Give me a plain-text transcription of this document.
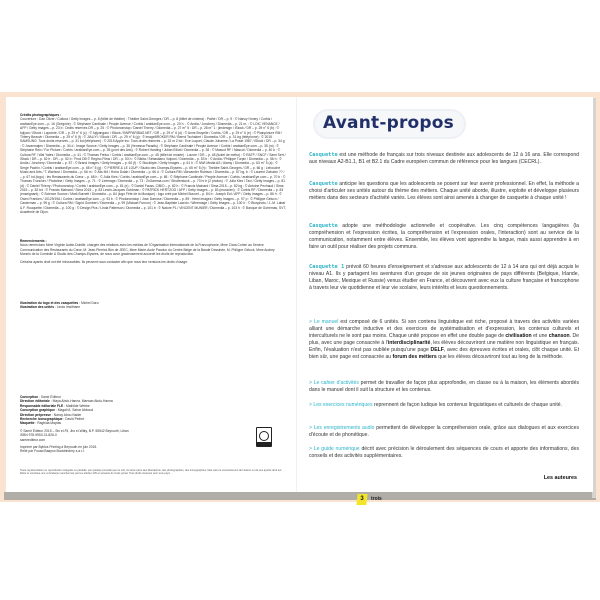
Crédits photographiques :
Couverture : Dan Oliver / Cultura / Getty Images – p. 8 (billet de théâtre) : Théâtre Saint-Georges / DR – p. 8 (billet de cinéma) : Pathé / DR – p. 9 : © Nancy Honey / Corbis / arabianEye.com – p. 16 (Grégoire) : © Stéphane Cardinale / People Avenue / Corbis / arabianEye.com – p. 20 h. : © Andia / Jonchery / Diomedia – p. 21 m. : © LOIC VENANCE / AFP / Getty Images – p. 23 b : Droits réservés DR – p. 25 : © Photononstop / Daniel Thierry / Diomedia – p. 27 m° 5 : DR – p. 28 m° 1 : jimdesign / iStock / DR – p. 29 n° 6 (b) : © fujiyan / iStock / Lapointe / DR – p. 29 n° 6 (c) : © fujiyangaro / iStock / BNPPARIBAS.NET / DR – p. 29 n° 6 (d) : © Anne Bruyelle / Corbis / DR – p. 29 n° 6 (e) : © Plainpicture RM / Thierry Beauvir / Diomedia – p. 29 n° 6 (f) : © JIALIYI / iStock / DR – p. 29 n° 6 (g) : © imageBROKER RM / Bernd Tschakert / Diomedia / DR – p. 31 bg (téléphone) : © 2015 SAMSUNG. Tous droits réservés – p. 31 bd (téléphone) : © 2015 Apple Inc. Tous droits réservés – p. 32 m 2 bd : Eve Luquet, Claude Juhanne / La Poste 1987 / iStock / DR – p. 34 g : © Jovanmajen / Diomedia – p. 34 d : Image Source / Getty Images – p. 35 (Venessa Paradis) : © Stéphane Cardinale / People Avenue / Corbis / arabianEye.com – p. 35 (m) : © Stéphane Reix / For Picture / Corbis / arabianEye.com – p. 35 (pont des Arts) : © Robert Harding / Julian Elliott / Diomedia – p. 38 : © Mascot RF / Mascot / Diomedia – p. 40 b : © Cultura RF / Wal Yates / Diomedia – p. 41 : © Thomas Frelus / Corbis / arabianEye.com – p. 45 (billet de musée) : Louvre / DR – p. 48 (ticket de métro) : © RATP / SNCF / Sami Sert / iStock / DR – p. 52 h : DR – p. 52 b : Prod DB © Regino Films / DR – p. 53 h : © Nikita / Sebastiano Volponi / Diomedia – p. 53 b : © Andia / Philippe Turpin / Diomedia – p. 56 h : © Andia / Jonchery / Diomedia – p. 57 : © Brand Images / Getty Images – p. 60 (f) : © Stockbyte / Getty Images – p. 61 h : © NWI Media AS / Alamy / Diomedia – p. 63 m° 5 (a) : © Serge Pachin / Corbis / arabianEye.com – p. 65 n° 5 (g) : © PIERRE & LE LOUP / Studio des Champs-Elysées – p. 65 m° 5 (h) : Théâtre Saint-Georges / DR – p. 66 g : Lebouché Music and Arts / T. Warhout / Diomedia – p. 66 m : © Alis M4 / Hoha Dolab / Diomedia – p. 66 d : © Cultura RM / Alexander Rubtsov / Diomedia – p. 67 hg, b : © Laurent Zabulon ?? / – p. 67 hd (logo) : les Restaurants du Cœur – p. 68 h : © Julia Kies / Corbis / arabianEye.com – p. 68 : © Stéphane Cardinale / People Avenue / Corbis / arabianEye.com – p. 70 b : © Thomas Truncher / Photoline / Getty Images – p. 71 : © Leemage / Diomedia – p. 73 : ZxGamma.com / Shutterstock – p. 73 hr b (2 photos) : © Julia Kies / Taxi / Getty Images – p. 81 (d) : © Daniel Thierry / Photononstop / Corbis / arabianEye.com – p. 81 (e) : © Daniel Fauss, CIBIO – p. 82 h : © Francis Mainard / Sima 2015 – p. 82 bg : © Antoine Pechaud / Sima 2015 – p. 82 bd : © Francis Mainard / Sima 2015 – p. 83 Lewin-Jacques Goldman : © PATRICK HERTZOG / AFP / Getty Images – p. 83 (musicien) : © Corbis RF / Diomedia – p. 83 (enseignant) : © Science Source / Mark Burnett / Diomedia – p. 84 (logo Fête de la Musique) : logo créé par Michel Bouvet – p. 84 b : Joseph Eid / AFP / Getty Images – p. 86 h : © Owen Franken / 10129/19A / Corbis / arabianEye.com – p. 93 b : © Photononstop / Jose Darrose / Diomedia – p. 89 : Hemi Images / Getty Images – p. 97 p : © Philippe Gelucn / Casterman – p. 99 g : © Cultura RM / Sigrid Gombert / Diomedia – p. 99 (Mickael Furnon) : © Jean-Baptiste Lacroix / Wireimage / Getty Images – p. 100 h : © Biosphoto / J.-M. Labat & F. Rouquette / Diomedia – p. 100 g : © Design Pics / Linda Patterson / Diomedia – p. 101 b : © Nature PL / VINCENT MUNIER / Diomedia – p. 103 h : © Banque de Gohemas, SVT, Académie de Dijon.
Remerciements :
Nous remercions Mme Virginie Aubin-Dubille, chargée des relations avec les médias de l'Organisation internationale de la Francophonie, Mme Clara Cohen au Service Communication des Restaurants du Cœur, M. Jean-Pierrick Bim de JEEC, Mme Marie-Aude Paoduo du Centre Belge de la Bande Dessinée, M. Philippe Geluck, Mme Audrey Monnin de la Comédie & Studio des Champs-Elysées, de nous avoir gracieusement accordé les droits de reproduction.
Certains ayants droit ont été introuvables. Ils peuvent nous contacter afin que nous leur versions les droits d'usage.
Illustration du logo et des casquettes : Michel Daru
Illustration des unités : Linda Imsithane
Conception : Samir Éditeur
Direction éditoriale : Maya Abdo-Hanna, Marwan Abdo-Hanna
Responsable éditoriale FLE : Mathilde Webbe
Conception graphique : Magali A. Sahar Abboud
Direction prépresse : Nancy Abou Nader
Recherche iconographique : David Peifort
Maquette : Raghida Maytas
© Samir Éditeur 2015 – Sin el-Fil, Jisr el-Wâty, B.P. 55542 Beyrouth, Liban
ISBN 978-9953-31-826-0
samirediteur.com
Imprimé par Byblos Printing à Beyrouth en juin 2015.
Relié par Fouad Baayno Bookbindery s.a.r.l.
Toute représentation ou reproduction intégrale ou partielle, par quelque procédé que ce soit, du texte et/ou des illustrations, des photographies, des iconographies, faite sans le consentement de l'auteur ou de ses ayants droit est illicite et constitue une contrefaçon sanctionnée par les articles 425 et suivants du Code pénal. Tous droits réservés pour tous pays.
Avant-propos
Casquette est une méthode de français sur trois niveaux destinée aux adolescents de 12 à 16 ans. Elle correspond aux niveaux A2-B1.1, B1 et B2.1 du Cadre européen commun de référence pour les langues (CECRL).
Casquette anticipe les questions que les adolescents se posent sur leur avenir professionnel. En effet, la méthode a choisi d'articuler ses unités autour du thème des métiers. Chaque unité aborde, illustre, exploite et développe plusieurs métiers dans des secteurs d'activité variés. Les élèves sont ainsi amenés à changer de casquette à chaque unité !
Casquette adopte une méthodologie actionnelle et coopérative. Les cinq compétences langagières (la compréhension et l'expression écrites, la compréhension et l'expression orales, l'interaction) sont au service de la communication, notamment entre élèves. Ensemble, les élèves vont apprendre la langue, mais aussi apprendre à en faire un outil pour réaliser des projets communs.
Casquette 1 prévoit 60 heures d'enseignement et s'adresse aux adolescents de 12 à 14 ans qui ont déjà acquis le niveau A1. Ils y partagent les aventures d'un groupe de six jeunes originaires de pays différents (Belgique, Irlande, Liban, Maroc, Mexique et Russie) venus étudier en France, et découvrent avec eux la culture française et francophone à travers leur vie quotidienne et leur vie scolaire, leurs intérêts et leurs questionnements.
> Le manuel est composé de 6 unités. Si son contenu linguistique est riche, proposé à travers des activités variées alliant une démarche inductive et des exercices de systématisation et d'expression, les contenus culturels et interculturels ne le sont pas moins. Chaque unité propose en effet une double page de civilisation et une chanson. De plus, avec une page consacrée à l'interdisciplinarité, les élèves découvriront une matière non linguistique en français. Enfin, l'évaluation n'est pas oubliée puisqu'une page DELF, avec des épreuves écrites et orales, clôt chaque unité. Et bien sûr, une page est consacrée au forum des métiers que les élèves découvriront tout au long de la méthode.
> Le cahier d'activités permet de travailler de façon plus approfondie, en classe ou à la maison, les éléments abordés dans le manuel dont il suit la structure et les contenus.
> Les exercices numériques reprennent de façon ludique les contenus linguistiques et culturels de chaque unité.
> Les enregistrements audio permettent de développer la compréhension orale, grâce aux dialogues et aux exercices d'écoute et de phonétique.
> Le guide numérique décrit avec précision le déroulement des séquences de cours et apporte des informations, des conseils et des activités supplémentaires.
Les auteures
3	trois
